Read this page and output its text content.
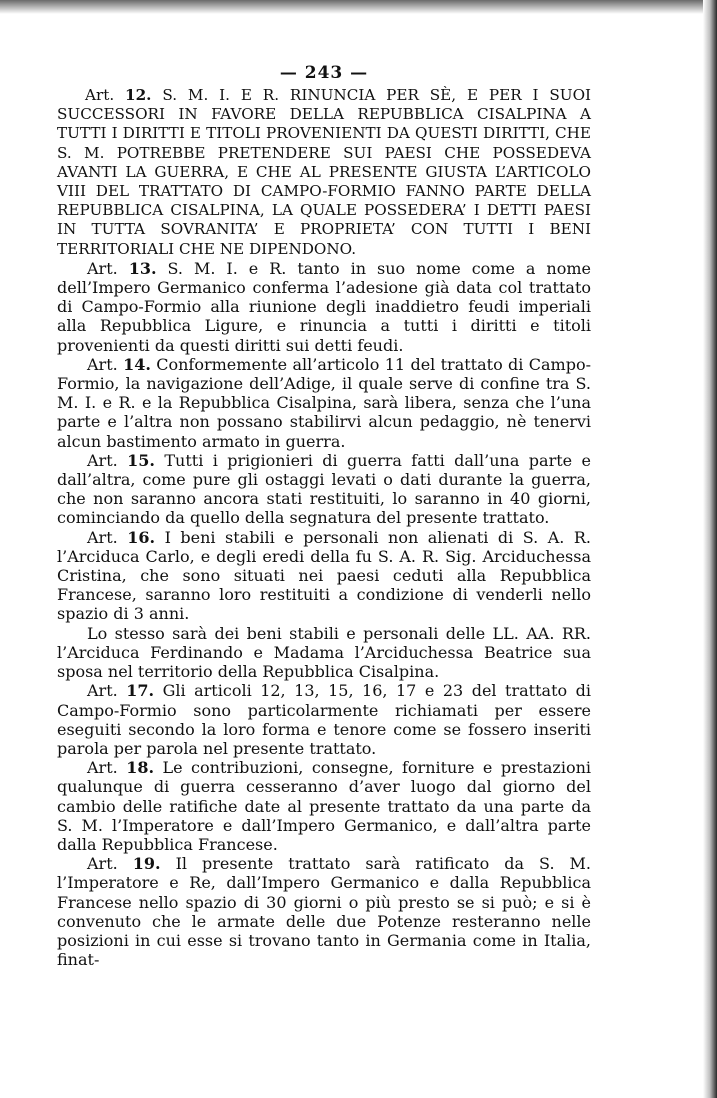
— 243 —

Art. 12. S. M. I. E R. RINUNCIA PER SÈ, E PER I SUOI SUCCESSORI IN FAVORE DELLA REPUBBLICA CISALPINA A TUTTI I DIRITTI E TITOLI PROVENIENTI DA QUESTI DIRITTI, CHE S. M. POTREBBE PRETENDERE SUI PAESI CHE POSSEDEVA AVANTI LA GUERRA, E CHE AL PRESENTE GIUSTA L’ARTICOLO VIII DEL TRATTATO DI CAMPO-FORMIO FANNO PARTE DELLA REPUBBLICA CISALPINA, LA QUALE POSSEDERA’ I DETTI PAESI IN TUTTA SOVRANITA’ E PROPRIETA’ CON TUTTI I BENI TERRITORIALI CHE NE DIPENDONO.

Art. 13. S. M. I. e R. tanto in suo nome come a nome dell’Impero Germanico conferma l’adesione già data col trattato di Campo-Formio alla riunione degli inaddietro feudi imperiali alla Repubblica Ligure, e rinuncia a tutti i diritti e titoli provenienti da questi diritti sui detti feudi.

Art. 14. Conformemente all’articolo 11 del trattato di Campo-Formio, la navigazione dell’Adige, il quale serve di confine tra S. M. I. e R. e la Repubblica Cisalpina, sarà libera, senza che l’una parte e l’altra non possano stabilirvi alcun pedaggio, nè tenervi alcun bastimento armato in guerra.

Art. 15. Tutti i prigionieri di guerra fatti dall’una parte e dall’altra, come pure gli ostaggi levati o dati durante la guerra, che non saranno ancora stati restituiti, lo saranno in 40 giorni, cominciando da quello della segnatura del presente trattato.

Art. 16. I beni stabili e personali non alienati di S. A. R. l’Arciduca Carlo, e degli eredi della fu S. A. R. Sig. Arciduchessa Cristina, che sono situati nei paesi ceduti alla Repubblica Francese, saranno loro restituiti a condizione di venderli nello spazio di 3 anni.

Lo stesso sarà dei beni stabili e personali delle LL. AA. RR. l’Arciduca Ferdinando e Madama l’Arciduchessa Beatrice sua sposa nel territorio della Repubblica Cisalpina.

Art. 17. Gli articoli 12, 13, 15, 16, 17 e 23 del trattato di Campo-Formio sono particolarmente richiamati per essere eseguiti secondo la loro forma e tenore come se fossero inseriti parola per parola nel presente trattato.

Art. 18. Le contribuzioni, consegne, forniture e prestazioni qualunque di guerra cesseranno d’aver luogo dal giorno del cambio delle ratifiche date al presente trattato da una parte da S. M. l’Imperatore e dall’Impero Germanico, e dall’altra parte dalla Repubblica Francese.

Art. 19. Il presente trattato sarà ratificato da S. M. l’Imperatore e Re, dall’Impero Germanico e dalla Repubblica Francese nello spazio di 30 giorni o più presto se si può; e si è convenuto che le armate delle due Potenze resteranno nelle posizioni in cui esse si trovano tanto in Germania come in Italia, finat-
